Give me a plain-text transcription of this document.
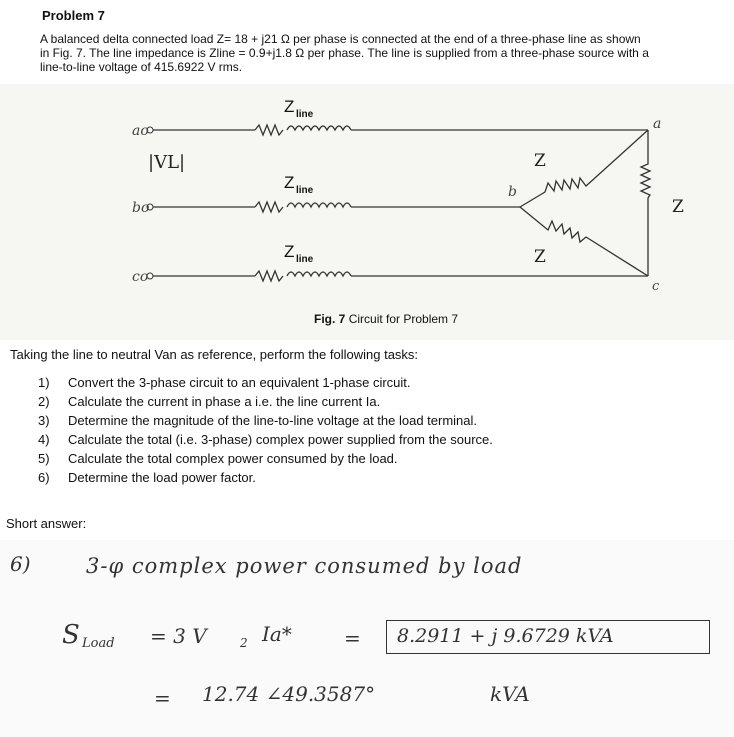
Problem 7
A balanced delta connected load Z= 18 + j21 Ω per phase is connected at the end of a three-phase line as shown
in Fig. 7. The line impedance is Zline = 0.9+j1.8 Ω per phase. The line is supplied from a three-phase source with a
line-to-line voltage of 415.6922 V rms.
Z line
Z line
Z line
ao
bo
co
|VL|
a
b
c
Z
Z
Z
Fig. 7 Circuit for Problem 7
Taking the line to neutral Van as reference, perform the following tasks:
1) Convert the 3-phase circuit to an equivalent 1-phase circuit.
2) Calculate the current in phase a i.e. the line current Ia.
3) Determine the magnitude of the line-to-line voltage at the load terminal.
4) Calculate the total (i.e. 3-phase) complex power supplied from the source.
5) Calculate the total complex power consumed by the load.
6) Determine the load power factor.
Short answer:
6)	3-φ complex power consumed by load
S Load = 3 V	2 Ia*	= 8.2911 + j 9.6729 kVA
= 12.74 ∠49.3587°	kVA
